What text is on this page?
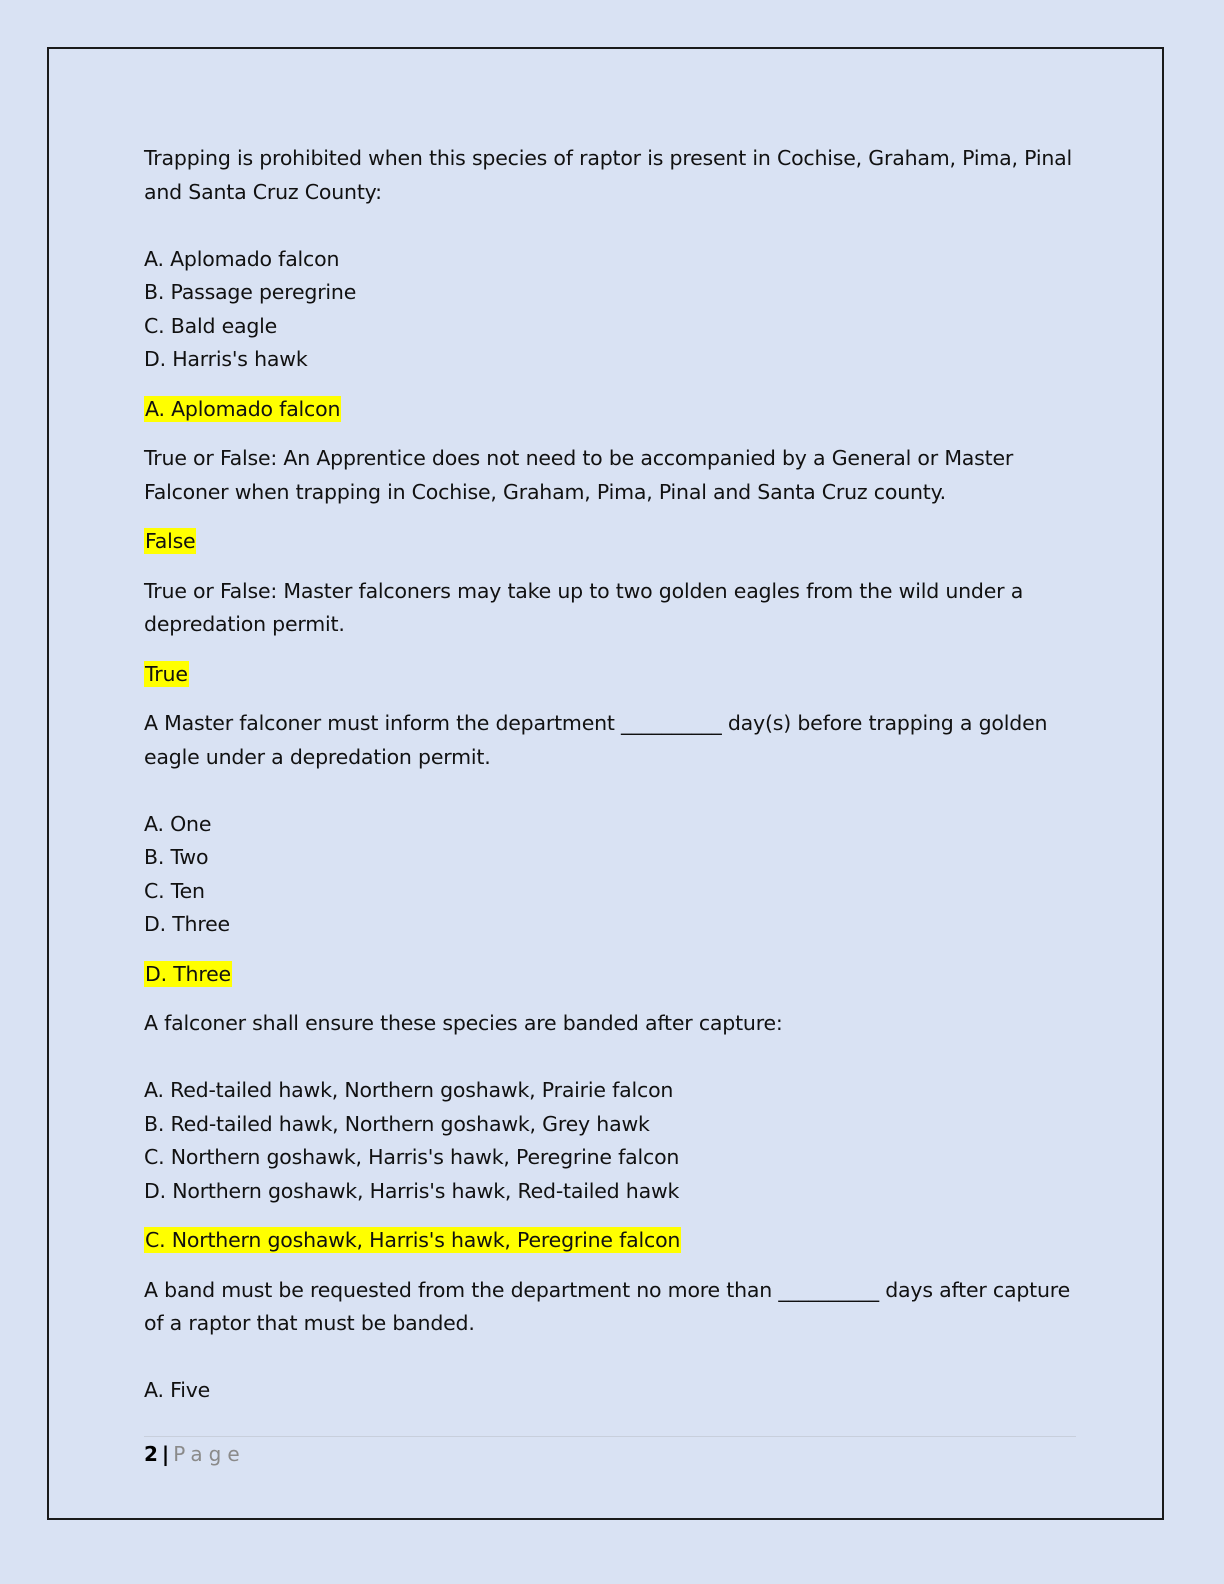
Trapping is prohibited when this species of raptor is present in Cochise, Graham, Pima, Pinal and Santa Cruz County:
A. Aplomado falcon
B. Passage peregrine
C. Bald eagle
D. Harris's hawk
A. Aplomado falcon
True or False: An Apprentice does not need to be accompanied by a General or Master Falconer when trapping in Cochise, Graham, Pima, Pinal and Santa Cruz county.
False
True or False: Master falconers may take up to two golden eagles from the wild under a depredation permit.
True
A Master falconer must inform the department __________ day(s) before trapping a golden eagle under a depredation permit.
A. One
B. Two
C. Ten
D. Three
D. Three
A falconer shall ensure these species are banded after capture:
A. Red-tailed hawk, Northern goshawk, Prairie falcon
B. Red-tailed hawk, Northern goshawk, Grey hawk
C. Northern goshawk, Harris's hawk, Peregrine falcon
D. Northern goshawk, Harris's hawk, Red-tailed hawk
C. Northern goshawk, Harris's hawk, Peregrine falcon
A band must be requested from the department no more than __________ days after capture of a raptor that must be banded.
A. Five
2 | Page
